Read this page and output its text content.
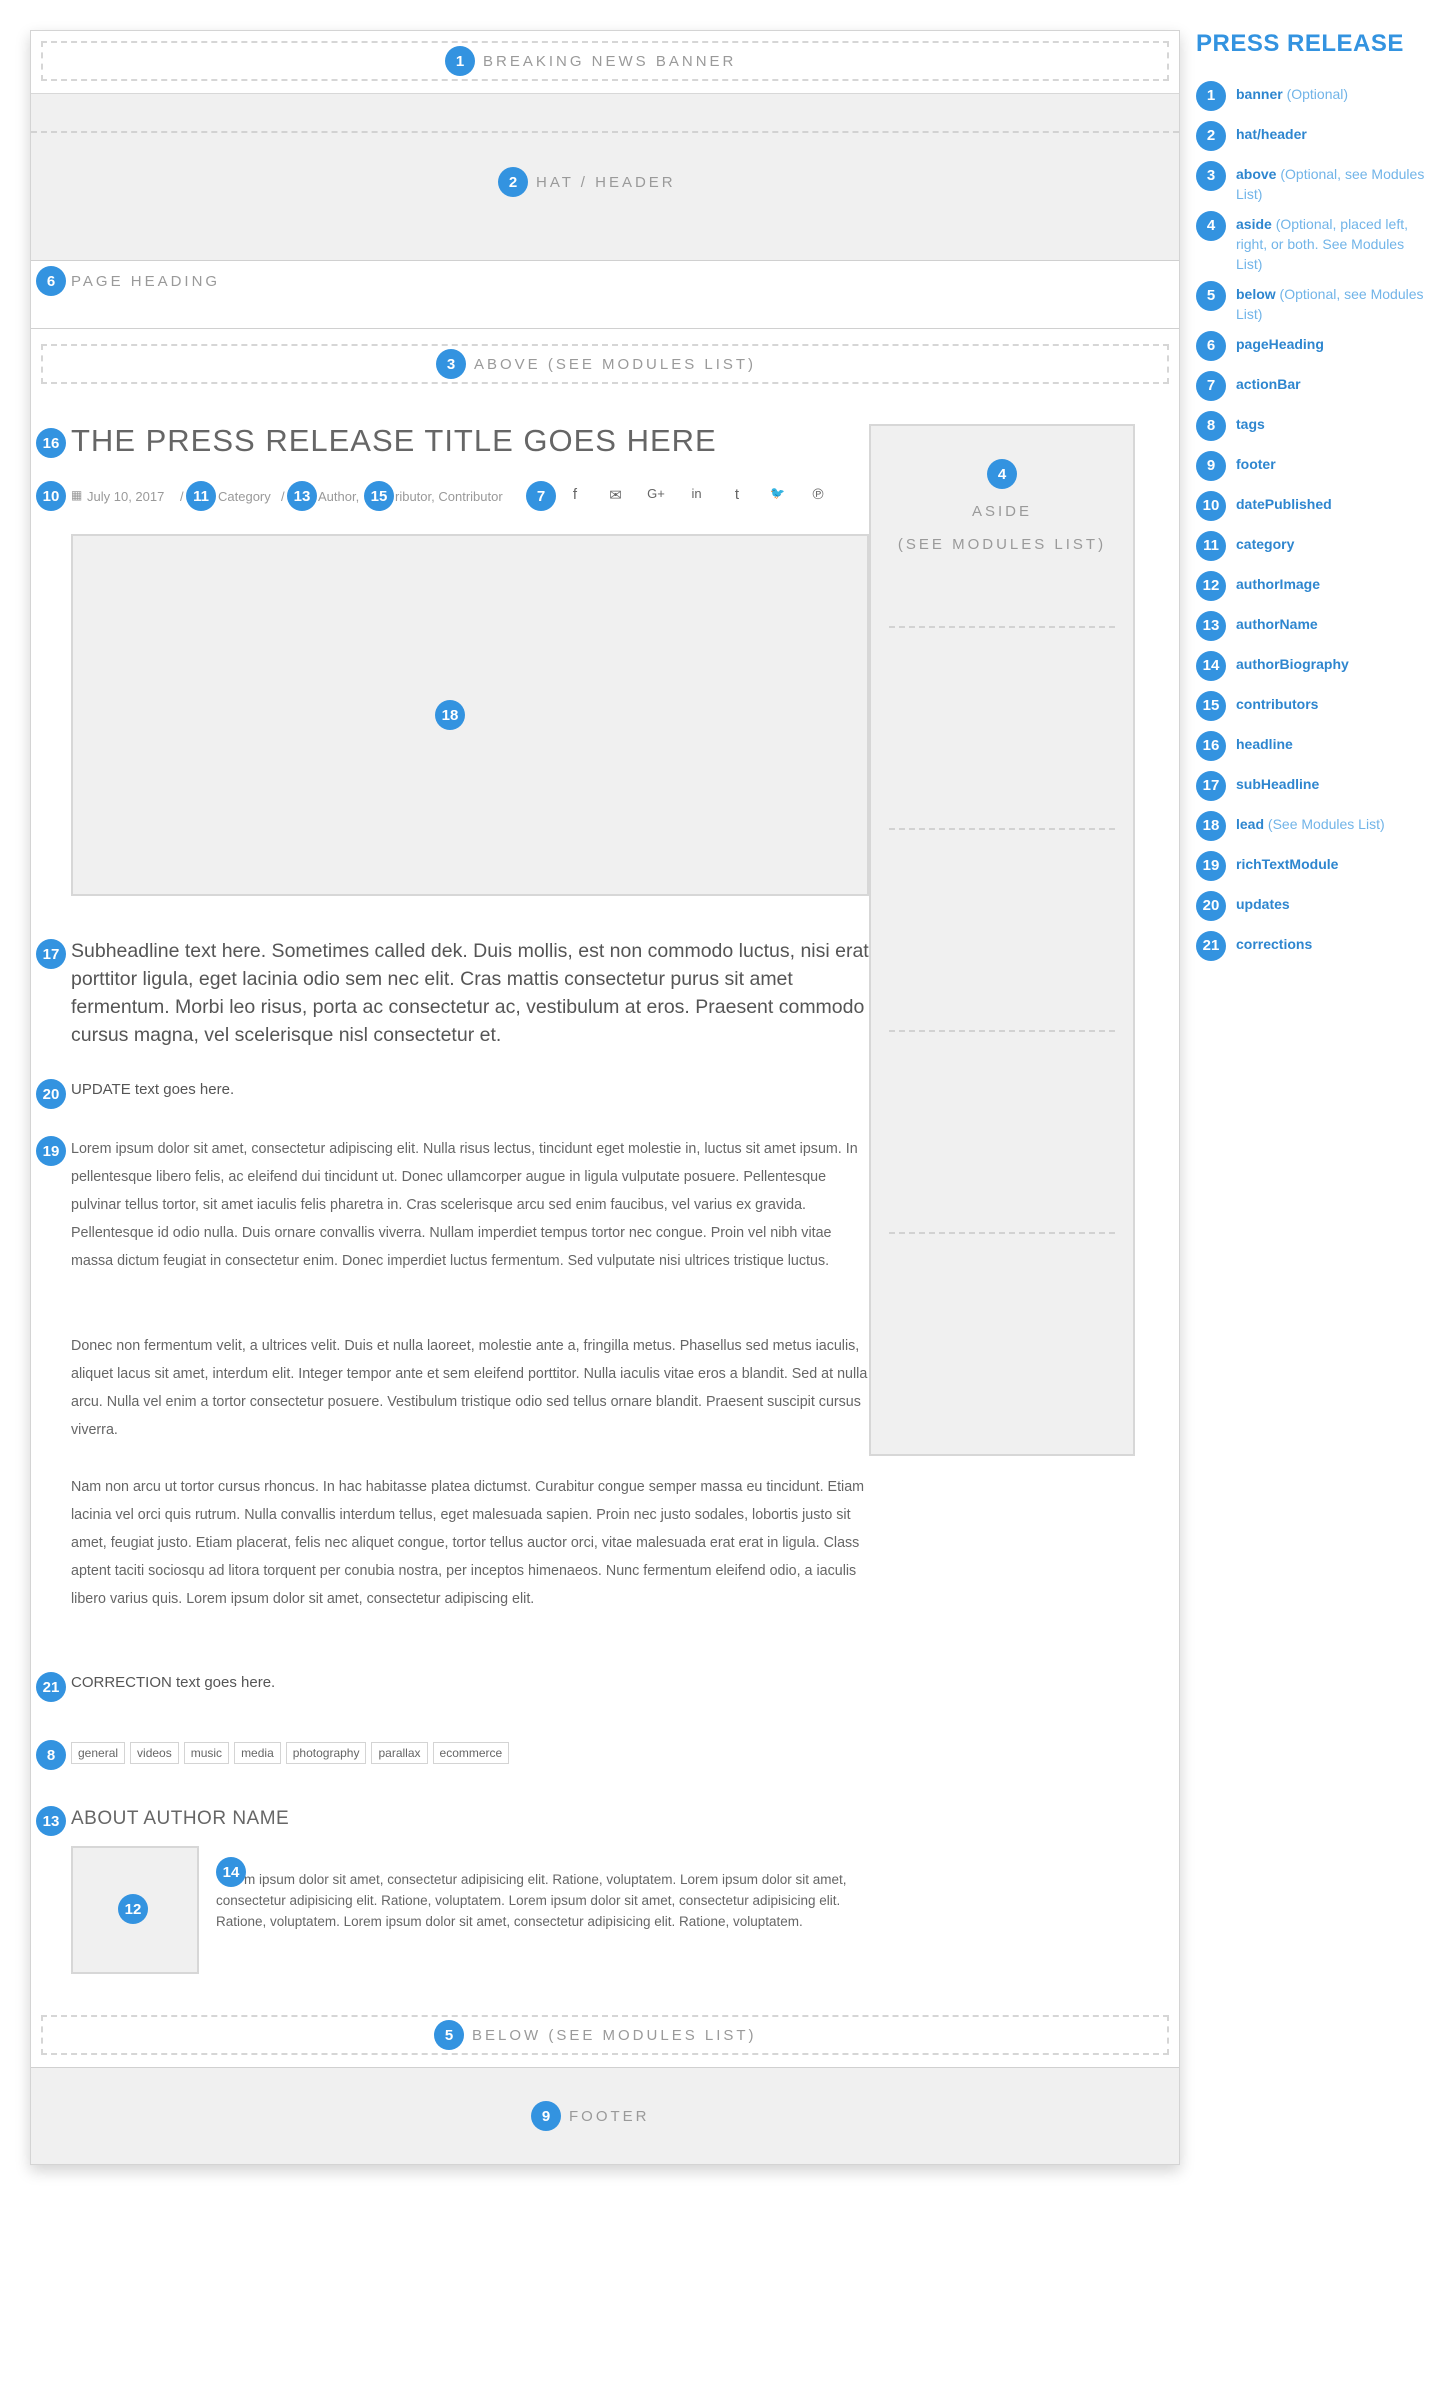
1	BREAKING NEWS BANNER
2	HAT / HEADER
6	PAGE HEADING
3	ABOVE (SEE MODULES LIST)
16 THE PRESS RELEASE TITLE GOES HERE
10 ▦ July 10, 2017 / 11 Category / 13 Author, 15 ributor, Contributor	7
18
4
ASIDE
(SEE MODULES LIST)
17 Subheadline text here. Sometimes called dek. Duis mollis, est non commodo luctus, nisi erat porttitor ligula, eget lacinia odio sem nec elit. Cras mattis consectetur purus sit amet fermentum. Morbi leo risus, porta ac consectetur ac, vestibulum at eros. Praesent commodo cursus magna, vel scelerisque nisl consectetur et.

20 UPDATE text goes here.

19 Lorem ipsum dolor sit amet, consectetur adipiscing elit. Nulla risus lectus, tincidunt eget molestie in, luctus sit amet ipsum. In pellentesque libero felis, ac eleifend dui tincidunt ut. Donec ullamcorper augue in ligula vulputate posuere. Pellentesque pulvinar tellus tortor, sit amet iaculis felis pharetra in. Cras scelerisque arcu sed enim faucibus, vel varius ex gravida. Pellentesque id odio nulla. Duis ornare convallis viverra. Nullam imperdiet tempus tortor nec congue. Proin vel nibh vitae massa dictum feugiat in consectetur enim. Donec imperdiet luctus fermentum. Sed vulputate nisi ultrices tristique luctus.

Donec non fermentum velit, a ultrices velit. Duis et nulla laoreet, molestie ante a, fringilla metus. Phasellus sed metus iaculis, aliquet lacus sit amet, interdum elit. Integer tempor ante et sem eleifend porttitor. Nulla iaculis vitae eros a blandit. Sed at nulla arcu. Nulla vel enim a tortor consectetur posuere. Vestibulum tristique odio sed tellus ornare blandit. Praesent suscipit cursus viverra.

Nam non arcu ut tortor cursus rhoncus. In hac habitasse platea dictumst. Curabitur congue semper massa eu tincidunt. Etiam lacinia vel orci quis rutrum. Nulla convallis interdum tellus, eget malesuada sapien. Proin nec justo sodales, lobortis justo sit amet, feugiat justo. Etiam placerat, felis nec aliquet congue, tortor tellus auctor orci, vitae malesuada erat erat in ligula. Class aptent taciti sociosqu ad litora torquent per conubia nostra, per inceptos himenaeos. Nunc fermentum eleifend odio, a iaculis libero varius quis. Lorem ipsum dolor sit amet, consectetur adipiscing elit.

21 CORRECTION text goes here.

8	general	videos	music	media	photography	parallax	ecommerce
13 ABOUT AUTHOR NAME
12
14 m ipsum dolor sit amet, consectetur adipisicing elit. Ratione, voluptatem. Lorem ipsum dolor sit amet, consectetur adipisicing elit. Ratione, voluptatem. Lorem ipsum dolor sit amet, consectetur adipisicing elit. Ratione, voluptatem. Lorem ipsum dolor sit amet, consectetur adipisicing elit. Ratione, voluptatem.

5	BELOW (SEE MODULES LIST)
9	FOOTER
f	✉	G+	in	t	🐦	℗
PRESS RELEASE
1	banner (Optional)
2	hat/header
3	above (Optional, see Modules List)
4	aside (Optional, placed left, right, or both. See Modules List)
5	below (Optional, see Modules List)
6	pageHeading
7	actionBar
8	tags
9	footer
10	datePublished
11	category
12	authorImage
13	authorName
14	authorBiography
15	contributors
16	headline
17	subHeadline
18	lead (See Modules List)
19	richTextModule
20	updates
21	corrections
